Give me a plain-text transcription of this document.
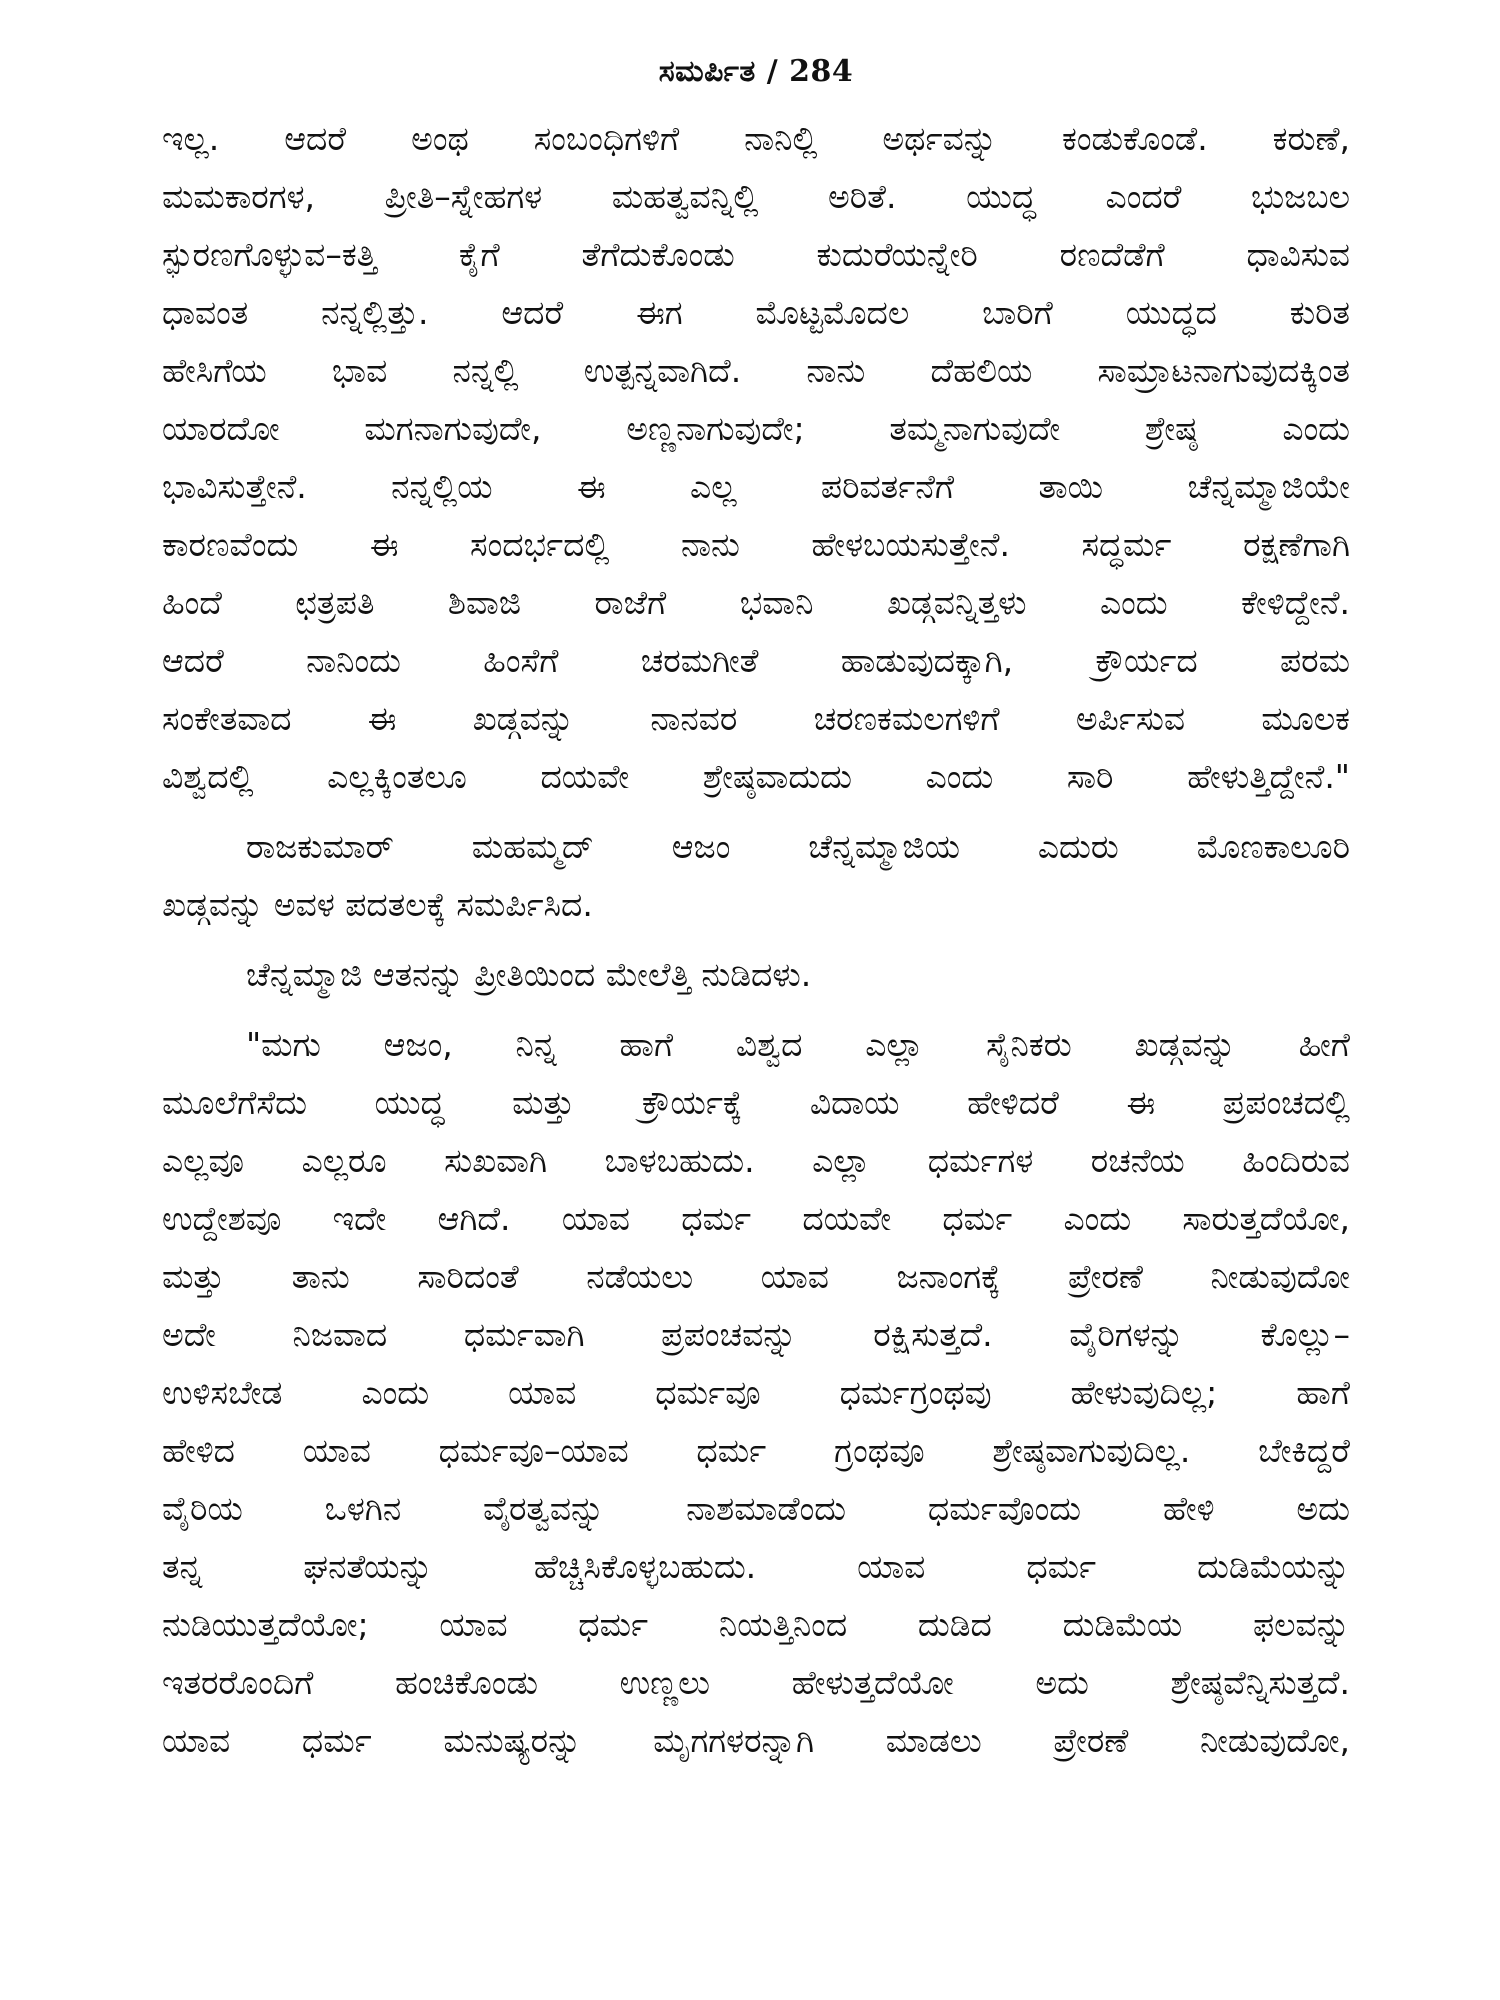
ಸಮರ್ಪಿತ / 284
ಇಲ್ಲ. ಆದರೆ ಅಂಥ ಸಂಬಂಧಿಗಳಿಗೆ ನಾನಿಲ್ಲಿ ಅರ್ಥವನ್ನು ಕಂಡುಕೊಂಡೆ. ಕರುಣೆ,
ಮಮಕಾರಗಳ, ಪ್ರೀತಿ–ಸ್ನೇಹಗಳ ಮಹತ್ವವನ್ನಿಲ್ಲಿ ಅರಿತೆ. ಯುದ್ಧ ಎಂದರೆ ಭುಜಬಲ
ಸ್ಫುರಣಗೊಳ್ಳುವ–ಕತ್ತಿ ಕೈಗೆ ತೆಗೆದುಕೊಂಡು ಕುದುರೆಯನ್ನೇರಿ ರಣದೆಡೆಗೆ ಧಾವಿಸುವ
ಧಾವಂತ ನನ್ನಲ್ಲಿತ್ತು. ಆದರೆ ಈಗ ಮೊಟ್ಟಮೊದಲ ಬಾರಿಗೆ ಯುದ್ಧದ ಕುರಿತ
ಹೇಸಿಗೆಯ ಭಾವ ನನ್ನಲ್ಲಿ ಉತ್ಪನ್ನವಾಗಿದೆ. ನಾನು ದೆಹಲಿಯ ಸಾಮ್ರಾಟನಾಗುವುದಕ್ಕಿಂತ
ಯಾರದೋ ಮಗನಾಗುವುದೇ, ಅಣ್ಣನಾಗುವುದೇ; ತಮ್ಮನಾಗುವುದೇ ಶ್ರೇಷ್ಠ ಎಂದು
ಭಾವಿಸುತ್ತೇನೆ. ನನ್ನಲ್ಲಿಯ ಈ ಎಲ್ಲ ಪರಿವರ್ತನೆಗೆ ತಾಯಿ ಚೆನ್ನಮ್ಮಾಜಿಯೇ
ಕಾರಣವೆಂದು ಈ ಸಂದರ್ಭದಲ್ಲಿ ನಾನು ಹೇಳಬಯಸುತ್ತೇನೆ. ಸದ್ಧರ್ಮ ರಕ್ಷಣೆಗಾಗಿ
ಹಿಂದೆ ಛತ್ರಪತಿ ಶಿವಾಜಿ ರಾಜೆಗೆ ಭವಾನಿ ಖಡ್ಗವನ್ನಿತ್ತಳು ಎಂದು ಕೇಳಿದ್ದೇನೆ.
ಆದರೆ ನಾನಿಂದು ಹಿಂಸೆಗೆ ಚರಮಗೀತೆ ಹಾಡುವುದಕ್ಕಾಗಿ, ಕ್ರೌರ್ಯದ ಪರಮ
ಸಂಕೇತವಾದ ಈ ಖಡ್ಗವನ್ನು ನಾನವರ ಚರಣಕಮಲಗಳಿಗೆ ಅರ್ಪಿಸುವ ಮೂಲಕ
ವಿಶ್ವದಲ್ಲಿ ಎಲ್ಲಕ್ಕಿಂತಲೂ ದಯವೇ ಶ್ರೇಷ್ಠವಾದುದು ಎಂದು ಸಾರಿ ಹೇಳುತ್ತಿದ್ದೇನೆ."
ರಾಜಕುಮಾರ್ ಮಹಮ್ಮದ್ ಆಜಂ ಚೆನ್ನಮ್ಮಾಜಿಯ ಎದುರು ಮೊಣಕಾಲೂರಿ
ಖಡ್ಗವನ್ನು ಅವಳ ಪದತಲಕ್ಕೆ ಸಮರ್ಪಿಸಿದ.
ಚೆನ್ನಮ್ಮಾಜಿ ಆತನನ್ನು ಪ್ರೀತಿಯಿಂದ ಮೇಲೆತ್ತಿ ನುಡಿದಳು.
"ಮಗು ಆಜಂ, ನಿನ್ನ ಹಾಗೆ ವಿಶ್ವದ ಎಲ್ಲಾ ಸೈನಿಕರು ಖಡ್ಗವನ್ನು ಹೀಗೆ
ಮೂಲೆಗೆಸೆದು ಯುದ್ಧ ಮತ್ತು ಕ್ರೌರ್ಯಕ್ಕೆ ವಿದಾಯ ಹೇಳಿದರೆ ಈ ಪ್ರಪಂಚದಲ್ಲಿ
ಎಲ್ಲವೂ ಎಲ್ಲರೂ ಸುಖವಾಗಿ ಬಾಳಬಹುದು. ಎಲ್ಲಾ ಧರ್ಮಗಳ ರಚನೆಯ ಹಿಂದಿರುವ
ಉದ್ದೇಶವೂ ಇದೇ ಆಗಿದೆ. ಯಾವ ಧರ್ಮ ದಯವೇ ಧರ್ಮ ಎಂದು ಸಾರುತ್ತದೆಯೋ,
ಮತ್ತು ತಾನು ಸಾರಿದಂತೆ ನಡೆಯಲು ಯಾವ ಜನಾಂಗಕ್ಕೆ ಪ್ರೇರಣೆ ನೀಡುವುದೋ
ಅದೇ ನಿಜವಾದ ಧರ್ಮವಾಗಿ ಪ್ರಪಂಚವನ್ನು ರಕ್ಷಿಸುತ್ತದೆ. ವೈರಿಗಳನ್ನು ಕೊಲ್ಲು–
ಉಳಿಸಬೇಡ ಎಂದು ಯಾವ ಧರ್ಮವೂ ಧರ್ಮಗ್ರಂಥವು ಹೇಳುವುದಿಲ್ಲ; ಹಾಗೆ
ಹೇಳಿದ ಯಾವ ಧರ್ಮವೂ–ಯಾವ ಧರ್ಮ ಗ್ರಂಥವೂ ಶ್ರೇಷ್ಠವಾಗುವುದಿಲ್ಲ. ಬೇಕಿದ್ದರೆ
ವೈರಿಯ ಒಳಗಿನ ವೈರತ್ವವನ್ನು ನಾಶಮಾಡೆಂದು ಧರ್ಮವೊಂದು ಹೇಳಿ ಅದು
ತನ್ನ ಘನತೆಯನ್ನು ಹೆಚ್ಚಿಸಿಕೊಳ್ಳಬಹುದು. ಯಾವ ಧರ್ಮ ದುಡಿಮೆಯನ್ನು
ನುಡಿಯುತ್ತದೆಯೋ; ಯಾವ ಧರ್ಮ ನಿಯತ್ತಿನಿಂದ ದುಡಿದ ದುಡಿಮೆಯ ಫಲವನ್ನು
ಇತರರೊಂದಿಗೆ ಹಂಚಿಕೊಂಡು ಉಣ್ಣಲು ಹೇಳುತ್ತದೆಯೋ ಅದು ಶ್ರೇಷ್ಠವೆನ್ನಿಸುತ್ತದೆ.
ಯಾವ ಧರ್ಮ ಮನುಷ್ಯರನ್ನು ಮೃಗಗಳರನ್ನಾಗಿ ಮಾಡಲು ಪ್ರೇರಣೆ ನೀಡುವುದೋ,
